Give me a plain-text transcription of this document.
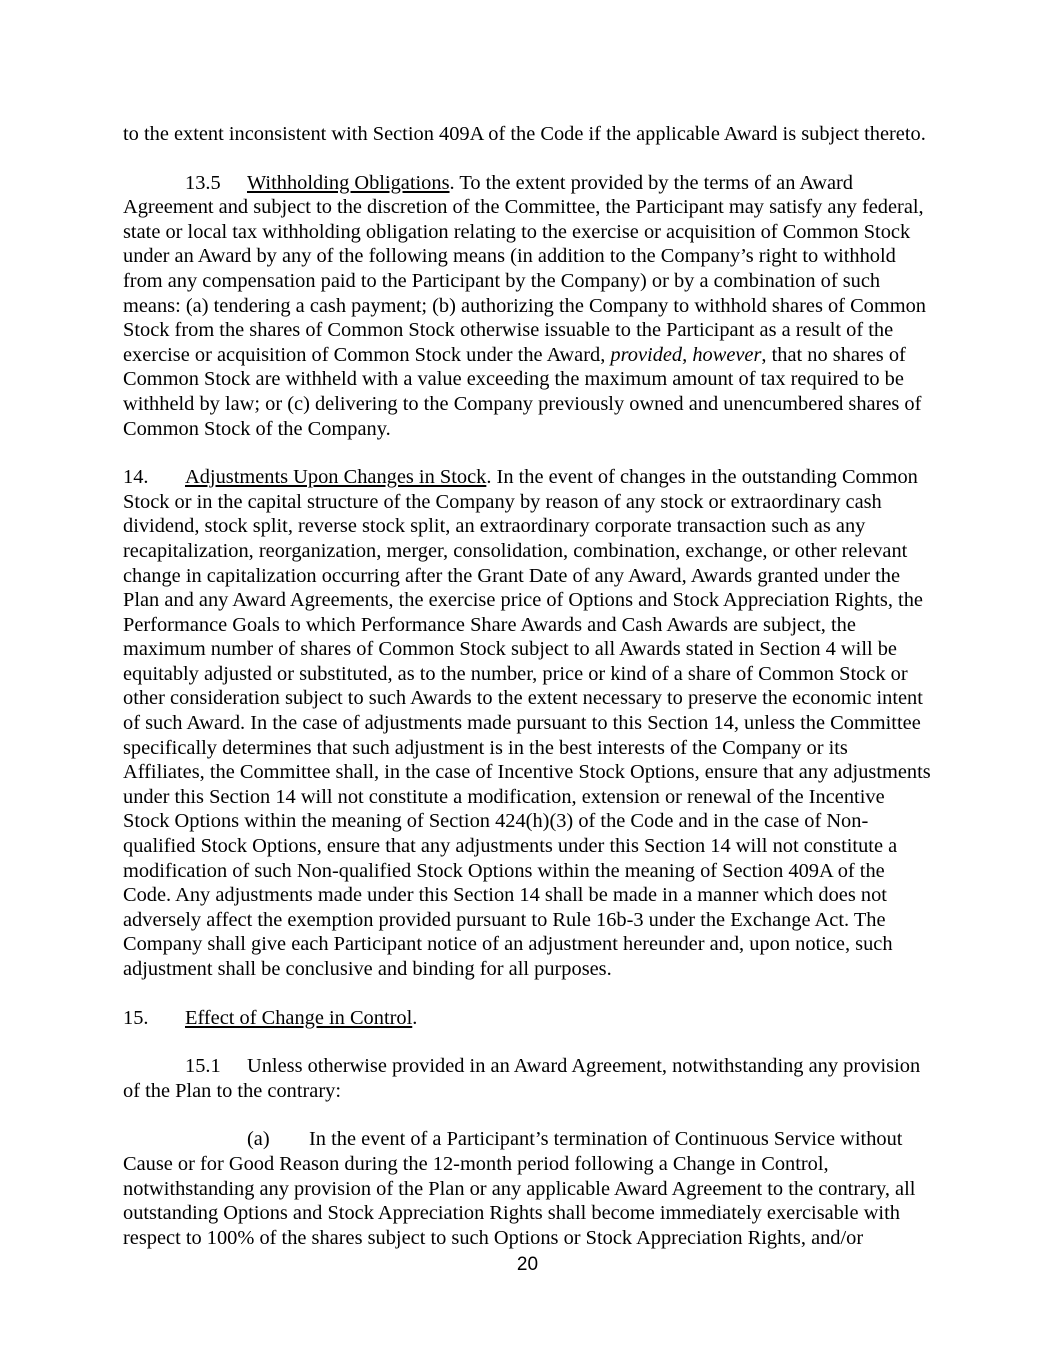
to the extent inconsistent with Section 409A of the Code if the applicable Award is subject thereto.

13.5 Withholding Obligations. To the extent provided by the terms of an Award Agreement and subject to the discretion of the Committee, the Participant may satisfy any federal, state or local tax withholding obligation relating to the exercise or acquisition of Common Stock under an Award by any of the following means (in addition to the Company’s right to withhold from any compensation paid to the Participant by the Company) or by a combination of such means: (a) tendering a cash payment; (b) authorizing the Company to withhold shares of Common Stock from the shares of Common Stock otherwise issuable to the Participant as a result of the exercise or acquisition of Common Stock under the Award, provided, however, that no shares of Common Stock are withheld with a value exceeding the maximum amount of tax required to be withheld by law; or (c) delivering to the Company previously owned and unencumbered shares of Common Stock of the Company.

14. Adjustments Upon Changes in Stock. In the event of changes in the outstanding Common Stock or in the capital structure of the Company by reason of any stock or extraordinary cash dividend, stock split, reverse stock split, an extraordinary corporate transaction such as any recapitalization, reorganization, merger, consolidation, combination, exchange, or other relevant change in capitalization occurring after the Grant Date of any Award, Awards granted under the Plan and any Award Agreements, the exercise price of Options and Stock Appreciation Rights, the Performance Goals to which Performance Share Awards and Cash Awards are subject, the maximum number of shares of Common Stock subject to all Awards stated in Section 4 will be equitably adjusted or substituted, as to the number, price or kind of a share of Common Stock or other consideration subject to such Awards to the extent necessary to preserve the economic intent of such Award. In the case of adjustments made pursuant to this Section 14, unless the Committee specifically determines that such adjustment is in the best interests of the Company or its Affiliates, the Committee shall, in the case of Incentive Stock Options, ensure that any adjustments under this Section 14 will not constitute a modification, extension or renewal of the Incentive Stock Options within the meaning of Section 424(h)(3) of the Code and in the case of Non-qualified Stock Options, ensure that any adjustments under this Section 14 will not constitute a modification of such Non-qualified Stock Options within the meaning of Section 409A of the Code. Any adjustments made under this Section 14 shall be made in a manner which does not adversely affect the exemption provided pursuant to Rule 16b-3 under the Exchange Act. The Company shall give each Participant notice of an adjustment hereunder and, upon notice, such adjustment shall be conclusive and binding for all purposes.

15. Effect of Change in Control.

15.1 Unless otherwise provided in an Award Agreement, notwithstanding any provision of the Plan to the contrary:

(a) In the event of a Participant’s termination of Continuous Service without Cause or for Good Reason during the 12-month period following a Change in Control, notwithstanding any provision of the Plan or any applicable Award Agreement to the contrary, all outstanding Options and Stock Appreciation Rights shall become immediately exercisable with respect to 100% of the shares subject to such Options or Stock Appreciation Rights, and/or

20
